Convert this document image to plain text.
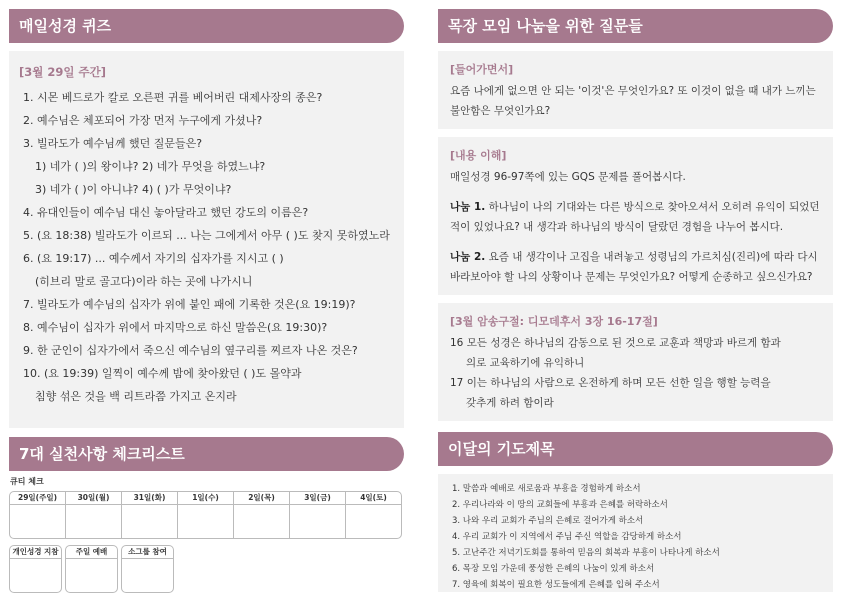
매일성경 퀴즈
[3월 29일 주간]
1. 시몬 베드로가 칼로 오른편 귀를 베어버린 대제사장의 종은?
2. 예수님은 체포되어 가장 먼저 누구에게 가셨나?
3. 빌라도가 예수님께 했던 질문들은?
1) 네가 ( )의 왕이냐? 2) 네가 무엇을 하였느냐?
3) 네가 ( )이 아니냐? 4) ( )가 무엇이냐?
4. 유대인들이 예수님 대신 놓아달라고 했던 강도의 이름은?
5. (요 18:38) 빌라도가 이르되 ... 나는 그에게서 아무 ( )도 찾지 못하였노라
6. (요 19:17) ... 예수께서 자기의 십자가를 지시고 ( )
(히브리 말로 골고다)이라 하는 곳에 나가시니
7. 빌라도가 예수님의 십자가 위에 붙인 패에 기록한 것은(요 19:19)?
8. 예수님이 십자가 위에서 마지막으로 하신 말씀은(요 19:30)?
9. 한 군인이 십자가에서 죽으신 예수님의 옆구리를 찌르자 나온 것은?
10. (요 19:39) 일찍이 예수께 밤에 찾아왔던 ( )도 몰약과
침향 섞은 것을 백 리트라쯤 가지고 온지라
7대 실천사항 체크리스트
큐티 체크
29일(주일)	30일(월)	31일(화)	1일(수)	2일(목)	3일(금)	4일(토)
개인성경 지참	주일 예배	소그룹 참여
목장 모임 나눔을 위한 질문들
[들어가면서]
요즘 나에게 없으면 안 되는 '이것'은 무엇인가요? 또 이것이 없을 때 내가 느끼는 불안함은 무엇인가요?
[내용 이해]
매일성경 96-97쪽에 있는 GQS 문제를 풀어봅시다.
나눔 1. 하나님이 나의 기대와는 다른 방식으로 찾아오셔서 오히려 유익이 되었던 적이 있었나요? 내 생각과 하나님의 방식이 달랐던 경험을 나누어 봅시다.
나눔 2. 요즘 내 생각이나 고집을 내려놓고 성령님의 가르치심(진리)에 따라 다시 바라보아야 할 나의 상황이나 문제는 무엇인가요? 어떻게 순종하고 싶으신가요?
[3월 암송구절: 디모데후서 3장 16-17절]
16 모든 성경은 하나님의 감동으로 된 것으로 교훈과 책망과 바르게 함과
의로 교육하기에 유익하니
17 이는 하나님의 사람으로 온전하게 하며 모든 선한 일을 행할 능력을
갖추게 하려 함이라
이달의 기도제목
1. 말씀과 예배로 새로움과 부흥을 경험하게 하소서
2. 우리나라와 이 땅의 교회들에 부흥과 은혜를 허락하소서
3. 나와 우리 교회가 주님의 은혜로 걸어가게 하소서
4. 우리 교회가 이 지역에서 주님 주신 역할을 감당하게 하소서
5. 고난주간 저녁기도회를 통하여 믿음의 회복과 부흥이 나타나게 하소서
6. 목장 모임 가운데 풍성한 은혜의 나눔이 있게 하소서
7. 영육에 회복이 필요한 성도들에게 은혜를 입혀 주소서
